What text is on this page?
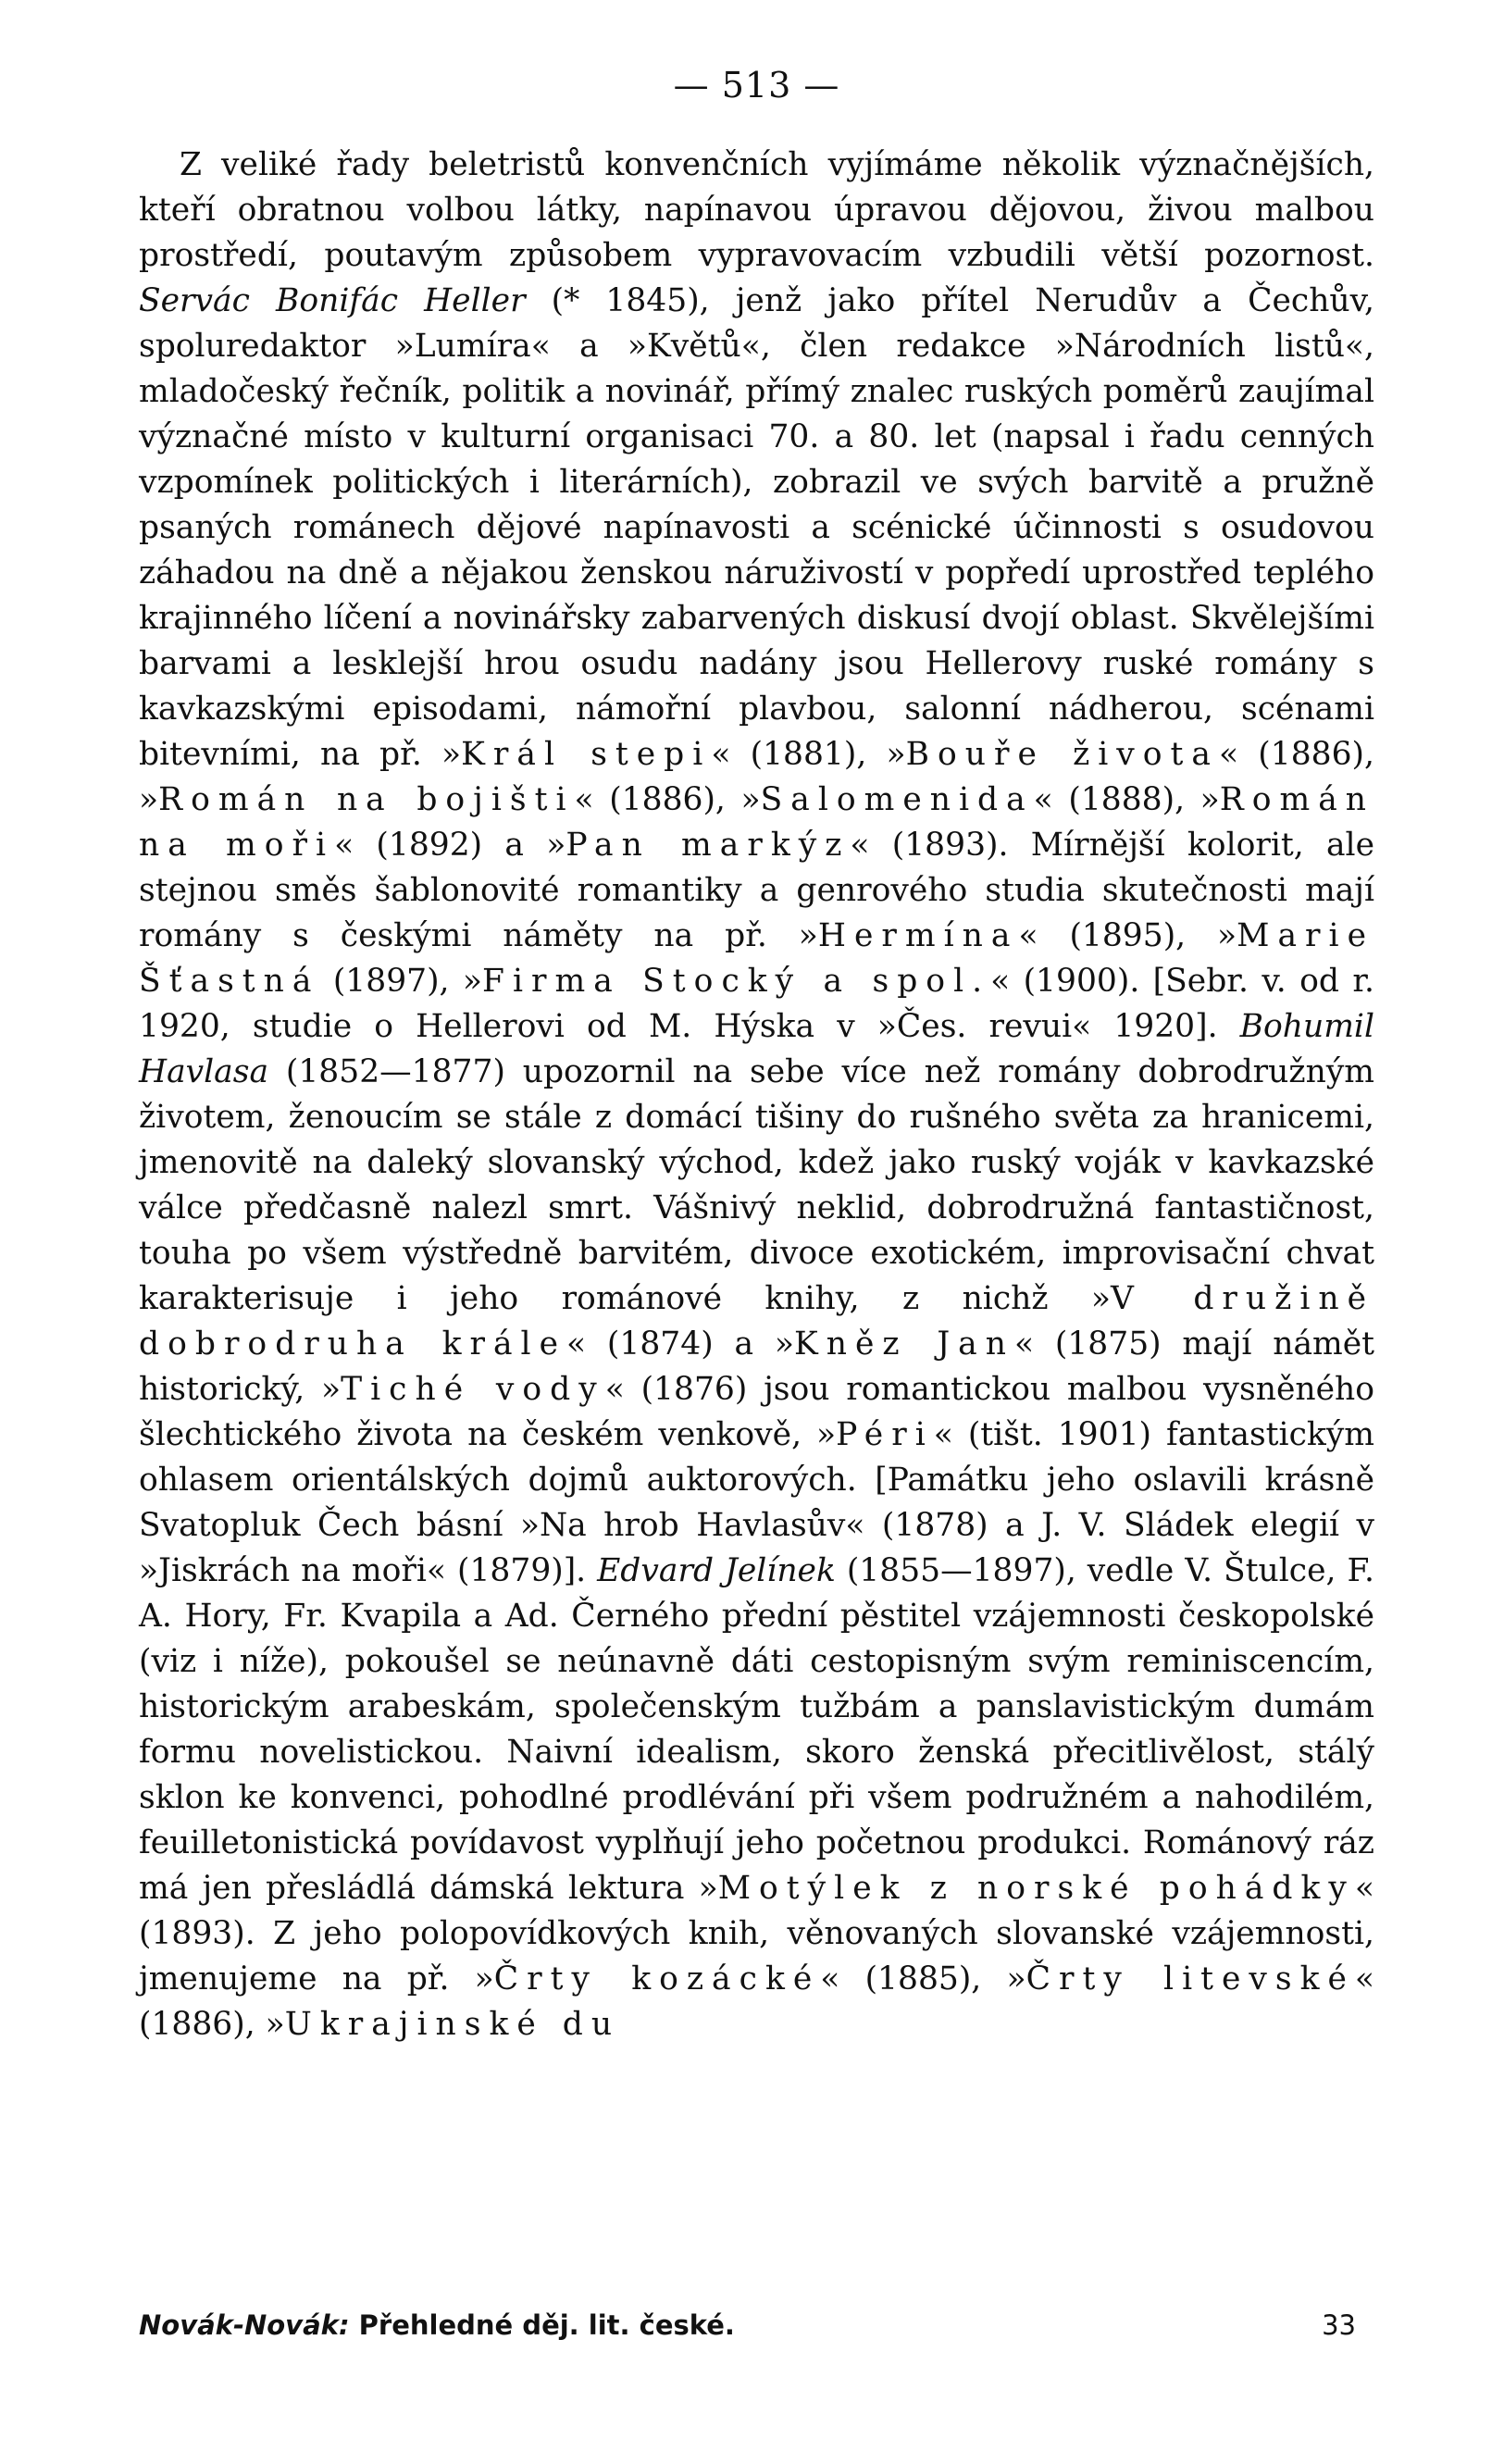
— 513 —

Z veliké řady beletristů konvenčních vyjímáme několik význačnějších, kteří obratnou volbou látky, napínavou úpravou dějovou, živou malbou prostředí, poutavým způsobem vypravovacím vzbudili větší pozornost. Servác Bonifác Heller (* 1845), jenž jako přítel Nerudův a Čechův, spoluredaktor »Lumíra« a »Květů«, člen redakce »Národních listů«, mladočeský řečník, politik a novinář, přímý znalec ruských poměrů zaujímal význačné místo v kulturní organisaci 70. a 80. let (napsal i řadu cenných vzpomínek politických i literárních), zobrazil ve svých barvitě a pružně psaných románech dějové napínavosti a scénické účinnosti s osudovou záhadou na dně a nějakou ženskou náruživostí v popředí uprostřed teplého krajinného líčení a novinářsky zabarvených diskusí dvojí oblast. Skvělejšími barvami a lesklejší hrou osudu nadány jsou Hellerovy ruské romány s kavkazskými episodami, námořní plavbou, salonní nádherou, scénami bitevními, na př. »Král stepi« (1881), »Bouře života« (1886), »Román na bojišti« (1886), »Salomenida« (1888), »Román na moři« (1892) a »Pan markýz« (1893). Mírnější kolorit, ale stejnou směs šablonovité romantiky a genrového studia skutečnosti mají romány s českými náměty na př. »Hermína« (1895), »Marie Šťastná (1897), »Firma Stocký a spol.« (1900). [Sebr. v. od r. 1920, studie o Hellerovi od M. Hýska v »Čes. revui« 1920]. Bohumil Havlasa (1852—1877) upozornil na sebe více než romány dobrodružným životem, ženoucím se stále z domácí tišiny do rušného světa za hranicemi, jmenovitě na daleký slovanský východ, kdež jako ruský voják v kavkazské válce předčasně nalezl smrt. Vášnivý neklid, dobrodružná fantastičnost, touha po všem výstředně barvitém, divoce exotickém, improvisační chvat karakterisuje i jeho románové knihy, z nichž »V družině dobrodruha krále« (1874) a »Kněz Jan« (1875) mají námět historický, »Tiché vody« (1876) jsou romantickou malbou vysněného šlechtického života na českém venkově, »Péri« (tišt. 1901) fantastickým ohlasem orientálských dojmů auktorových. [Památku jeho oslavili krásně Svatopluk Čech básní »Na hrob Havlasův« (1878) a J. V. Sládek elegií v »Jiskrách na moři« (1879)]. Edvard Jelínek (1855—1897), vedle V. Štulce, F. A. Hory, Fr. Kvapila a Ad. Černého přední pěstitel vzájemnosti českopolské (viz i níže), pokoušel se neúnavně dáti cestopisným svým reminiscencím, historickým arabeskám, společenským tužbám a panslavistickým dumám formu novelistickou. Naivní idealism, skoro ženská přecitlivělost, stálý sklon ke konvenci, pohodlné prodlévání při všem podružném a nahodilém, feuilletonistická povídavost vyplňují jeho početnou produkci. Románový ráz má jen přesládlá dámská lektura »Motýlek z norské pohádky« (1893). Z jeho polopovídkových knih, věnovaných slovanské vzájemnosti, jmenujeme na př. »Črty kozácké« (1885), »Črty litevské« (1886), »Ukrajinské du

Novák-Novák: Přehledné děj. lit. české.	33
